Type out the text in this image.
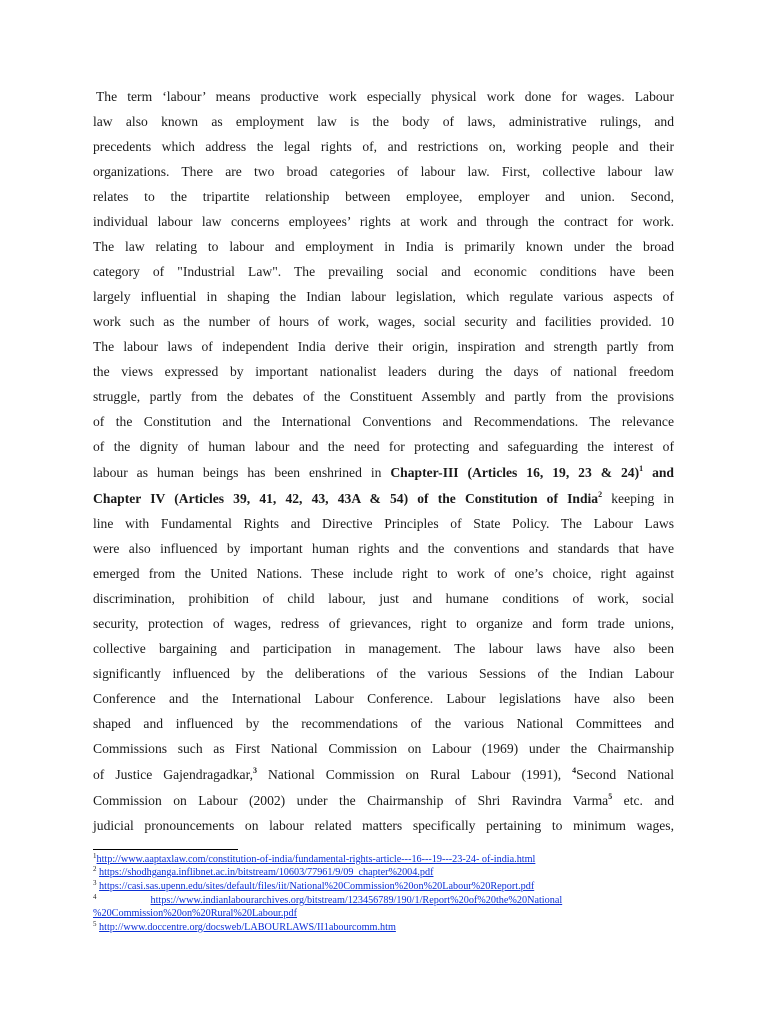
The term ‘labour’ means productive work especially physical work done for wages. Labour
law also known as employment law is the body of laws, administrative rulings, and
precedents which address the legal rights of, and restrictions on, working people and their
organizations. There are two broad categories of labour law. First, collective labour law
relates to the tripartite relationship between employee, employer and union. Second,
individual labour law concerns employees’ rights at work and through the contract for work.
The law relating to labour and employment in India is primarily known under the broad
category of "Industrial Law". The prevailing social and economic conditions have been
largely influential in shaping the Indian labour legislation, which regulate various aspects of
work such as the number of hours of work, wages, social security and facilities provided. 10
The labour laws of independent India derive their origin, inspiration and strength partly from
the views expressed by important nationalist leaders during the days of national freedom
struggle, partly from the debates of the Constituent Assembly and partly from the provisions
of the Constitution and the International Conventions and Recommendations. The relevance
of the dignity of human labour and the need for protecting and safeguarding the interest of
labour as human beings has been enshrined in Chapter-III (Articles 16, 19, 23 & 24)$^1$ and
Chapter IV (Articles 39, 41, 42, 43, 43A & 54) of the Constitution of India$^2$ keeping in
line with Fundamental Rights and Directive Principles of State Policy. The Labour Laws
were also influenced by important human rights and the conventions and standards that have
emerged from the United Nations. These include right to work of one’s choice, right against
discrimination, prohibition of child labour, just and humane conditions of work, social
security, protection of wages, redress of grievances, right to organize and form trade unions,
collective bargaining and participation in management. The labour laws have also been
significantly influenced by the deliberations of the various Sessions of the Indian Labour
Conference and the International Labour Conference. Labour legislations have also been
shaped and influenced by the recommendations of the various National Committees and
Commissions such as First National Commission on Labour (1969) under the Chairmanship
of Justice Gajendragadkar,$^3$ National Commission on Rural Labour (1991), $^4$Second National
Commission on Labour (2002) under the Chairmanship of Shri Ravindra Varma$^5$ etc. and
judicial pronouncements on labour related matters specifically pertaining to minimum wages,
$^1$http://www.aaptaxlaw.com/constitution-of-india/fundamental-rights-article---16---19---23-24- of-india.html
$^2$ https://shodhganga.inflibnet.ac.in/bitstream/10603/77961/9/09_chapter%2004.pdf
$^3$ https://casi.sas.upenn.edu/sites/default/files/iit/National%20Commission%20on%20Labour%20Report.pdf
$^4$	https://www.indianlabourarchives.org/bitstream/123456789/190/1/Report%20of%20the%20National
%20Commission%20on%20Rural%20Labour.pdf
$^5$ http://www.doccentre.org/docsweb/LABOURLAWS/II1abourcomm.htm
